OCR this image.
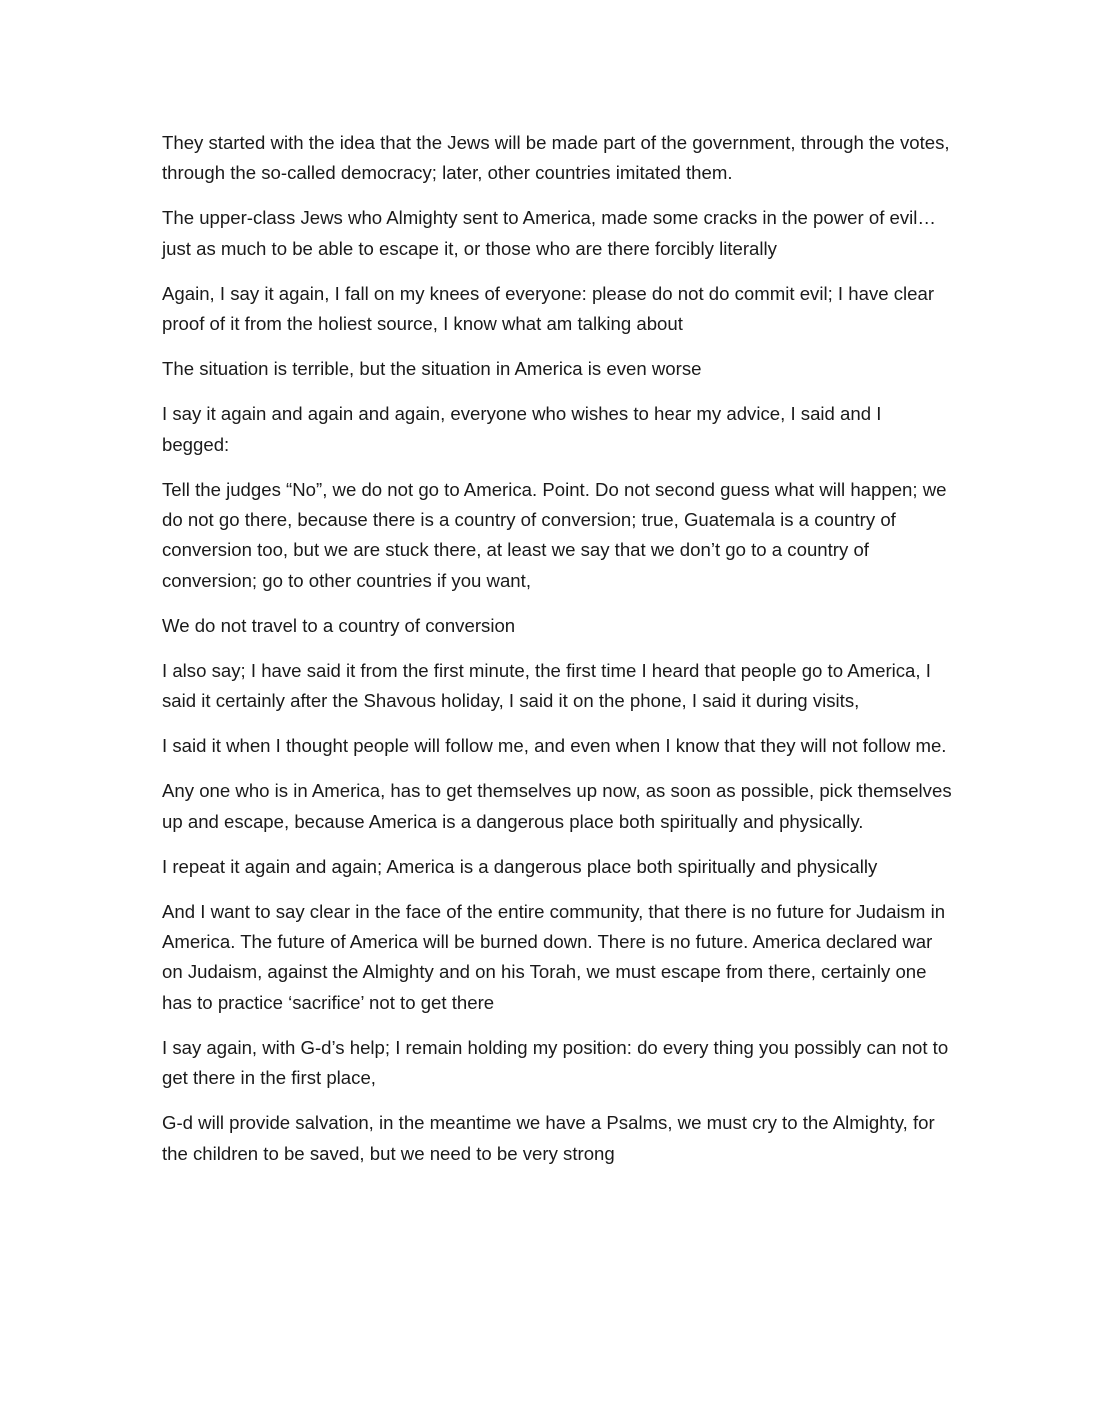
They started with the idea that the Jews will be made part of the government, through the votes, through the so-called democracy; later, other countries imitated them.

The upper-class Jews who Almighty sent to America, made some cracks in the power of evil… just as much to be able to escape it, or those who are there forcibly literally

Again, I say it again, I fall on my knees of everyone: please do not do commit evil; I have clear proof of it from the holiest source, I know what am talking about

The situation is terrible, but the situation in America is even worse

I say it again and again and again, everyone who wishes to hear my advice, I said and I begged:

Tell the judges “No”, we do not go to America. Point. Do not second guess what will happen; we do not go there, because there is a country of conversion; true, Guatemala is a country of conversion too, but we are stuck there, at least we say that we don’t go to a country of conversion; go to other countries if you want,

We do not travel to a country of conversion

I also say; I have said it from the first minute, the first time I heard that people go to America, I said it certainly after the Shavous holiday, I said it on the phone, I said it during visits,

I said it when I thought people will follow me, and even when I know that they will not follow me.

Any one who is in America, has to get themselves up now, as soon as possible, pick themselves up and escape, because America is a dangerous place both spiritually and physically.

I repeat it again and again; America is a dangerous place both spiritually and physically

And I want to say clear in the face of the entire community, that there is no future for Judaism in America. The future of America will be burned down. There is no future. America declared war on Judaism, against the Almighty and on his Torah, we must escape from there, certainly one has to practice ‘sacrifice’ not to get there

I say again, with G-d’s help; I remain holding my position: do every thing you possibly can not to get there in the first place,

G-d will provide salvation, in the meantime we have a Psalms, we must cry to the Almighty, for the children to be saved, but we need to be very strong
